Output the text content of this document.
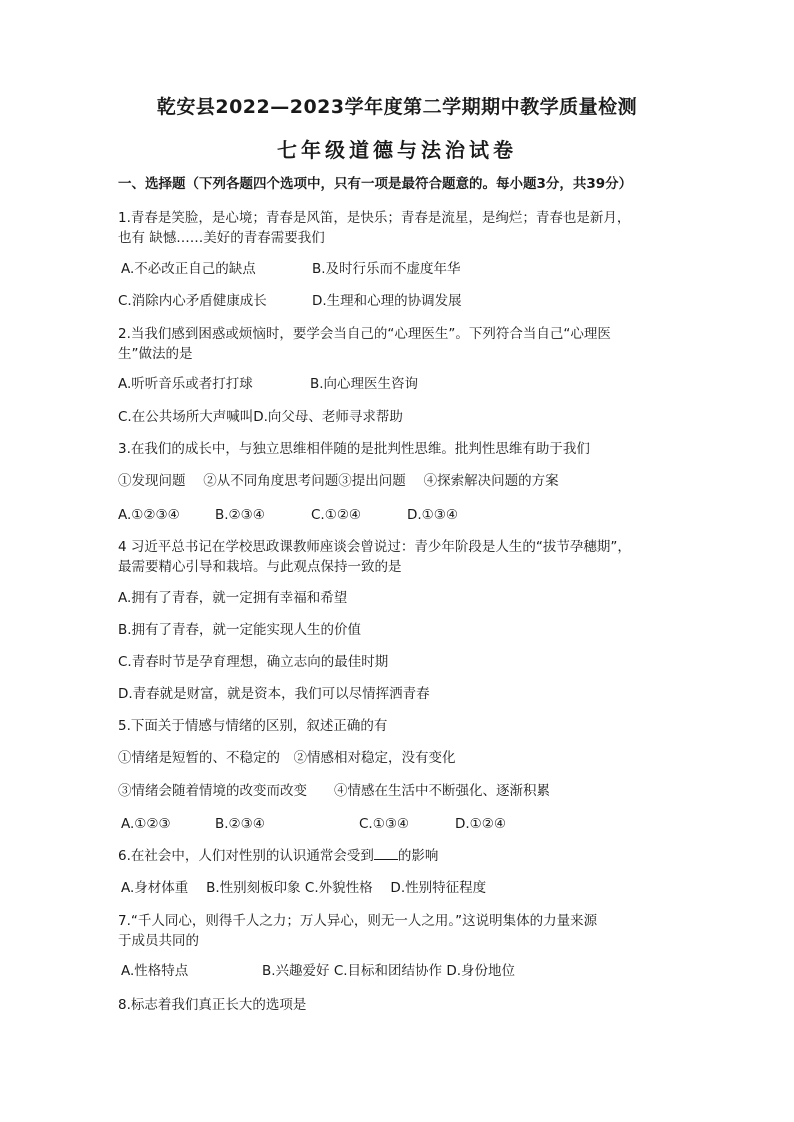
乾安县2022—2023学年度第二学期期中教学质量检测
七年级道德与法治试卷
一、选择题（下列各题四个选项中，只有一项是最符合题意的。每小题3分，共39分）
1.青春是笑脸，是心境；青春是风笛，是快乐；青春是流星，是绚烂；青春也是新月，
也有 缺憾……美好的青春需要我们
A.不必改正自己的缺点	B.及时行乐而不虚度年华
C.消除内心矛盾健康成长	D.生理和心理的协调发展
2.当我们感到困惑或烦恼时，要学会当自己的“心理医生”。下列符合当自己“心理医
生”做法的是
A.听听音乐或者打打球	B.向心理医生咨询
C.在公共场所大声喊叫D.向父母、老师寻求帮助
3.在我们的成长中，与独立思维相伴随的是批判性思维。批判性思维有助于我们
①发现问题　 ②从不同角度思考问题③提出问题　 ④探索解决问题的方案
A.①②③④	B.②③④	C.①②④	D.①③④
4 习近平总书记在学校思政课教师座谈会曾说过：青少年阶段是人生的“拔节孕穗期”，
最需要精心引导和栽培。与此观点保持一致的是
A.拥有了青春，就一定拥有幸福和希望
B.拥有了青春，就一定能实现人生的价值
C.青春时节是孕育理想，确立志向的最佳时期
D.青春就是财富，就是资本，我们可以尽情挥洒青春
5.下面关于情感与情绪的区别，叙述正确的有
①情绪是短暂的、不稳定的　②情感相对稳定，没有变化
③情绪会随着情境的改变而改变　　④情感在生活中不断强化、逐渐积累
A.①②③	B.②③④	C.①③④	D.①②④
6.在社会中，人们对性别的认识通常会受到 的影响
A.身材体重　 B.性别刻板印象 C.外貌性格　 D.性别特征程度
7.“千人同心，则得千人之力；万人异心，则无一人之用。”这说明集体的力量来源
于成员共同的
A.性格特点	B.兴趣爱好 C.目标和团结协作 D.身份地位
8.标志着我们真正长大的选项是
